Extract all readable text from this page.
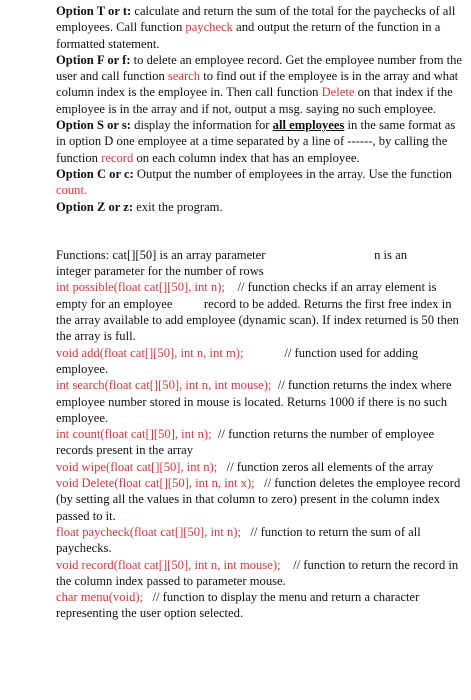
Option T or t: calculate and return the sum of the total for the paychecks of all employees. Call function paycheck and output the return of the function in a formatted statement.
Option F or f: to delete an employee record. Get the employee number from the user and call function search to find out if the employee is in the array and what column index is the employee in. Then call function Delete on that index if the employee is in the array and if not, output a msg. saying no such employee.
Option S or s: display the information for all employees in the same format as in option D one employee at a time separated by a line of ------, by calling the function record on each column index that has an employee.
Option C or c: Output the number of employees in the array. Use the function count.
Option Z or z: exit the program.
Functions: cat[][50] is an array parameter	n is an
integer parameter for the number of rows
int possible(float cat[][50], int n);    // function checks if an array element is empty for an employee          record to be added. Returns the first free index in the array available to add employee (dynamic scan). If index returned is 50 then the array is full.
void add(float cat[][50], int n, int m);             // function used for adding employee.
int search(float cat[][50], int n, int mouse);  // function returns the index where employee number stored in mouse is located. Returns 1000 if there is no such employee.
int count(float cat[][50], int n);  // function returns the number of employee records present in the array
void wipe(float cat[][50], int n);   // function zeros all elements of the array
void Delete(float cat[][50], int n, int x);   // function deletes the employee record (by setting all the values in that column to zero) present in the column index passed to it.
float paycheck(float cat[][50], int n);   // function to return the sum of all paychecks.
void record(float cat[][50], int n, int mouse);    // function to return the record in the column index passed to parameter mouse.
char menu(void);   // function to display the menu and return a character representing the user option selected.
